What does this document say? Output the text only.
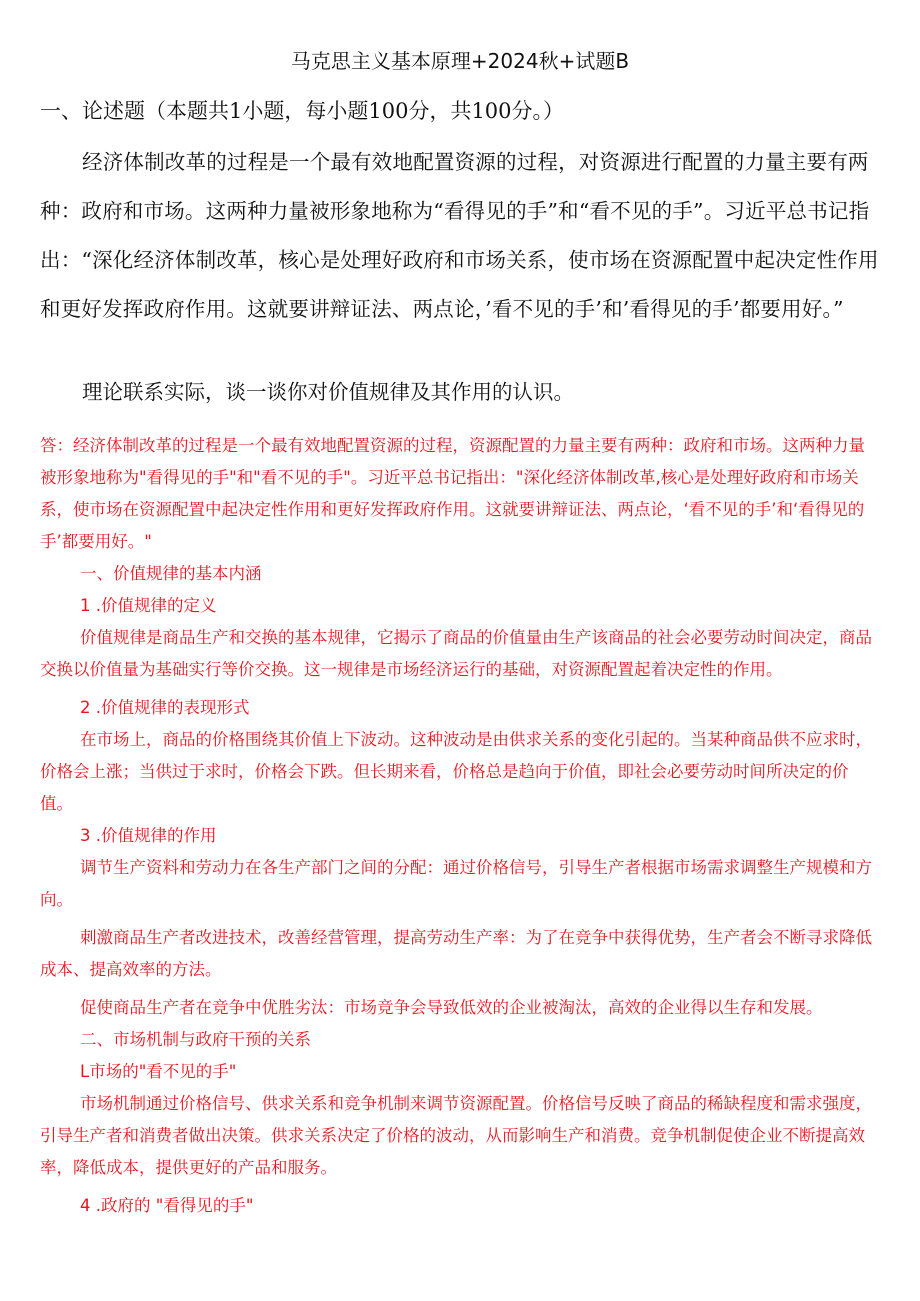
马克思主义基本原理+2024秋+试题B
一、论述题（本题共1小题，每小题100分，共100分。）

经济体制改革的过程是一个最有效地配置资源的过程，对资源进行配置的力量主要有两种：政府和市场。这两种力量被形象地称为“看得见的手”和“看不见的手”。习近平总书记指出：“深化经济体制改革，核心是处理好政府和市场关系，使市场在资源配置中起决定性作用和更好发挥政府作用。这就要讲辩证法、两点论，’看不见的手’和’看得见的手’都要用好。”

理论联系实际，谈一谈你对价值规律及其作用的认识。

答：经济体制改革的过程是一个最有效地配置资源的过程，资源配置的力量主要有两种：政府和市场。这两种力量被形象地称为"看得见的手"和"看不见的手"。习近平总书记指出："深化经济体制改革,核心是处理好政府和市场关系，使市场在资源配置中起决定性作用和更好发挥政府作用。这就要讲辩证法、两点论，‘看不见的手’和‘看得见的手’都要用好。"

一、价值规律的基本内涵

1 .价值规律的定义

价值规律是商品生产和交换的基本规律，它揭示了商品的价值量由生产该商品的社会必要劳动时间决定，商品交换以价值量为基础实行等价交换。这一规律是市场经济运行的基础，对资源配置起着决定性的作用。

2 .价值规律的表现形式

在市场上，商品的价格围绕其价值上下波动。这种波动是由供求关系的变化引起的。当某种商品供不应求时，价格会上涨；当供过于求时，价格会下跌。但长期来看，价格总是趋向于价值，即社会必要劳动时间所决定的价值。

3 .价值规律的作用

调节生产资料和劳动力在各生产部门之间的分配：通过价格信号，引导生产者根据市场需求调整生产规模和方向。

刺激商品生产者改进技术，改善经营管理，提高劳动生产率：为了在竞争中获得优势，生产者会不断寻求降低成本、提高效率的方法。

促使商品生产者在竞争中优胜劣汰：市场竞争会导致低效的企业被淘汰，高效的企业得以生存和发展。

二、市场机制与政府干预的关系

L市场的"看不见的手"

市场机制通过价格信号、供求关系和竞争机制来调节资源配置。价格信号反映了商品的稀缺程度和需求强度，引导生产者和消费者做出决策。供求关系决定了价格的波动，从而影响生产和消费。竞争机制促使企业不断提高效率，降低成本，提供更好的产品和服务。

4 .政府的 "看得见的手"
